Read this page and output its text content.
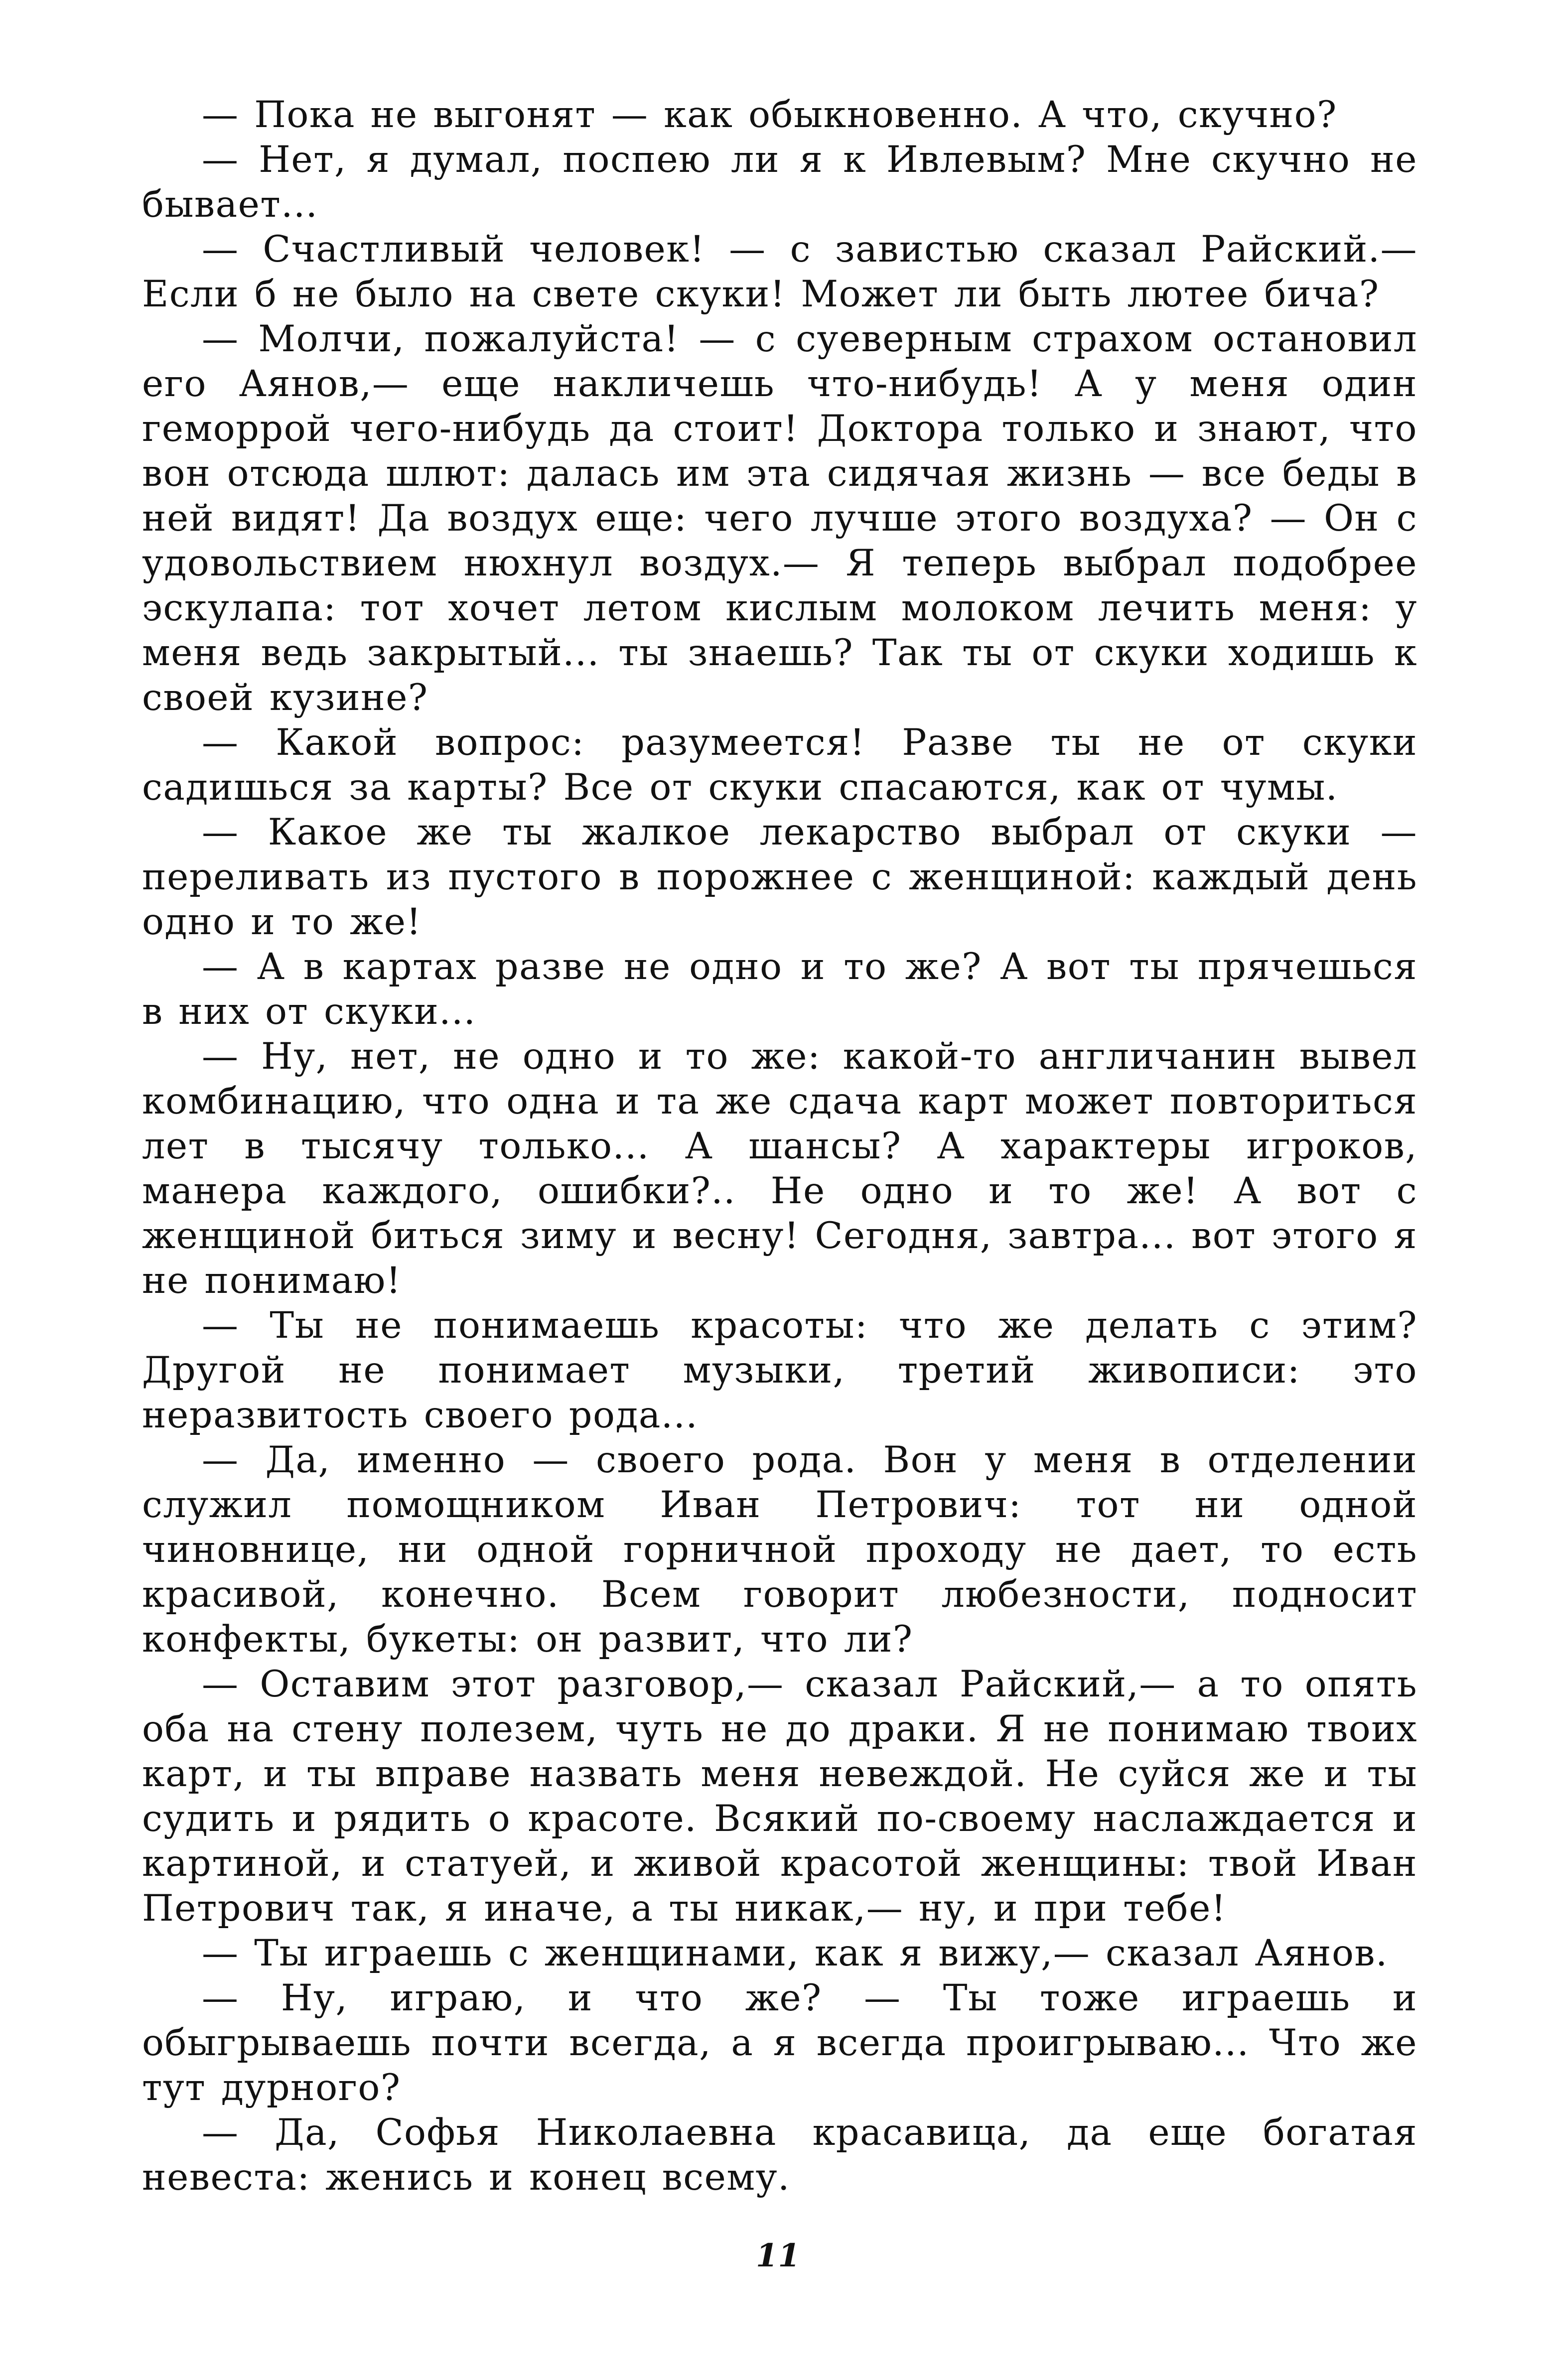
— Пока не выгонят — как обыкновенно. А что, скучно?

— Нет, я думал, поспею ли я к Ивлевым? Мне скучно не бывает...

— Счастливый человек! — с завистью сказал Райский.— Если б не было на свете скуки! Может ли быть лютее бича?

— Молчи, пожалуйста! — с суеверным страхом остановил его Аянов,— еще накличешь что-нибудь! А у меня один геморрой чего-нибудь да стоит! Доктора только и знают, что вон отсюда шлют: далась им эта сидячая жизнь — все беды в ней видят! Да воздух еще: чего лучше этого воздуха? — Он с удовольствием нюхнул воздух.— Я теперь выбрал подобрее эскулапа: тот хочет летом кислым молоком лечить меня: у меня ведь закрытый... ты знаешь? Так ты от скуки ходишь к своей кузине?

— Какой вопрос: разумеется! Разве ты не от скуки садишься за карты? Все от скуки спасаются, как от чумы.

— Какое же ты жалкое лекарство выбрал от скуки — переливать из пустого в порожнее с женщиной: каждый день одно и то же!

— А в картах разве не одно и то же? А вот ты прячешься в них от скуки...

— Ну, нет, не одно и то же: какой-то англичанин вывел комбинацию, что одна и та же сдача карт может повториться лет в тысячу только... А шансы? А характеры игроков, манера каждого, ошибки?.. Не одно и то же! А вот с женщиной биться зиму и весну! Сегодня, завтра... вот этого я не понимаю!

— Ты не понимаешь красоты: что же делать с этим? Другой не понимает музыки, третий живописи: это неразвитость своего рода...

— Да, именно — своего рода. Вон у меня в отделении служил помощником Иван Петрович: тот ни одной чиновнице, ни одной горничной проходу не дает, то есть красивой, конечно. Всем говорит любезности, подносит конфекты, букеты: он развит, что ли?

— Оставим этот разговор,— сказал Райский,— а то опять оба на стену полезем, чуть не до драки. Я не понимаю твоих карт, и ты вправе назвать меня невеждой. Не суйся же и ты судить и рядить о красоте. Всякий по-своему наслаждается и картиной, и статуей, и живой красотой женщины: твой Иван Петрович так, я иначе, а ты никак,— ну, и при тебе!

— Ты играешь с женщинами, как я вижу,— сказал Аянов.

— Ну, играю, и что же? — Ты тоже играешь и обыгрываешь почти всегда, а я всегда проигрываю... Что же тут дурного?

— Да, Софья Николаевна красавица, да еще богатая невеста: женись и конец всему.

11
